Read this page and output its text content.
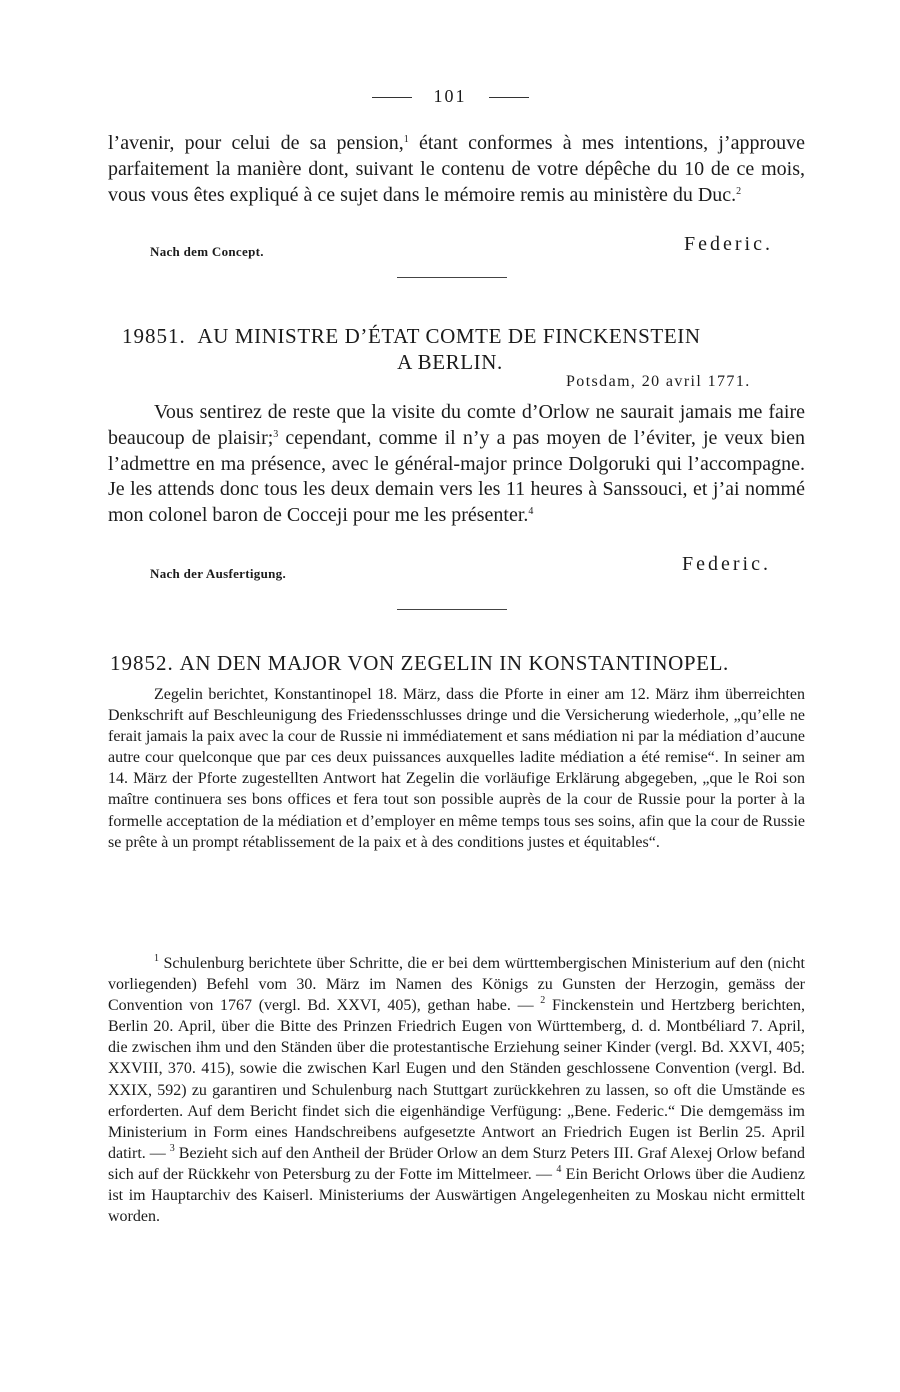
101

l’avenir, pour celui de sa pension,$^1$ étant conformes à mes intentions, j’approuve parfaitement la manière dont, suivant le contenu de votre dépêche du 10 de ce mois, vous vous êtes expliqué à ce sujet dans le mémoire remis au ministère du Duc.$^2$

Nach dem Concept.	Federic.
19851. AU MINISTRE D’ÉTAT COMTE DE FINCKENSTEIN
A BERLIN.
Potsdam, 20 avril 1771.

Vous sentirez de reste que la visite du comte d’Orlow ne saurait jamais me faire beaucoup de plaisir;$^3$ cependant, comme il n’y a pas moyen de l’éviter, je veux bien l’admettre en ma présence, avec le général-major prince Dolgoruki qui l’accompagne. Je les attends donc tous les deux demain vers les 11 heures à Sanssouci, et j’ai nommé mon colonel baron de Cocceji pour me les présenter.$^4$

Nach der Ausfertigung.	Federic.
19852. AN DEN MAJOR VON ZEGELIN IN KONSTANTINOPEL.

Zegelin berichtet, Konstantinopel 18. März, dass die Pforte in einer am 12. März ihm überreichten Denkschrift auf Beschleunigung des Friedensschlusses dringe und die Versicherung wiederhole, „qu’elle ne ferait jamais la paix avec la cour de Russie ni immédiatement et sans médiation ni par la médiation d’aucune autre cour quelconque que par ces deux puissances auxquelles ladite médiation a été remise“. In seiner am 14. März der Pforte zugestellten Antwort hat Zegelin die vorläufige Erklärung abgegeben, „que le Roi son maître continuera ses bons offices et fera tout son possible auprès de la cour de Russie pour la porter à la formelle acceptation de la médiation et d’employer en même temps tous ses soins, afin que la cour de Russie se prête à un prompt rétablissement de la paix et à des conditions justes et équitables“.

$^1$ Schulenburg berichtete über Schritte, die er bei dem württembergischen Ministerium auf den (nicht vorliegenden) Befehl vom 30. März im Namen des Königs zu Gunsten der Herzogin, gemäss der Convention von 1767 (vergl. Bd. XXVI, 405), gethan habe. — $^2$ Finckenstein und Hertzberg berichten, Berlin 20. April, über die Bitte des Prinzen Friedrich Eugen von Württemberg, d. d. Montbéliard 7. April, die zwischen ihm und den Ständen über die protestantische Erziehung seiner Kinder (vergl. Bd. XXVI, 405; XXVIII, 370. 415), sowie die zwischen Karl Eugen und den Ständen geschlossene Convention (vergl. Bd. XXIX, 592) zu garantiren und Schulenburg nach Stuttgart zurückkehren zu lassen, so oft die Umstände es erforderten. Auf dem Bericht findet sich die eigenhändige Verfügung: „Bene. Federic.“ Die demgemäss im Ministerium in Form eines Handschreibens aufgesetzte Antwort an Friedrich Eugen ist Berlin 25. April datirt. — $^3$ Bezieht sich auf den Antheil der Brüder Orlow an dem Sturz Peters III. Graf Alexej Orlow befand sich auf der Rückkehr von Petersburg zu der Fotte im Mittelmeer. — $^4$ Ein Bericht Orlows über die Audienz ist im Hauptarchiv des Kaiserl. Ministeriums der Auswärtigen Angelegenheiten zu Moskau nicht ermittelt worden.
